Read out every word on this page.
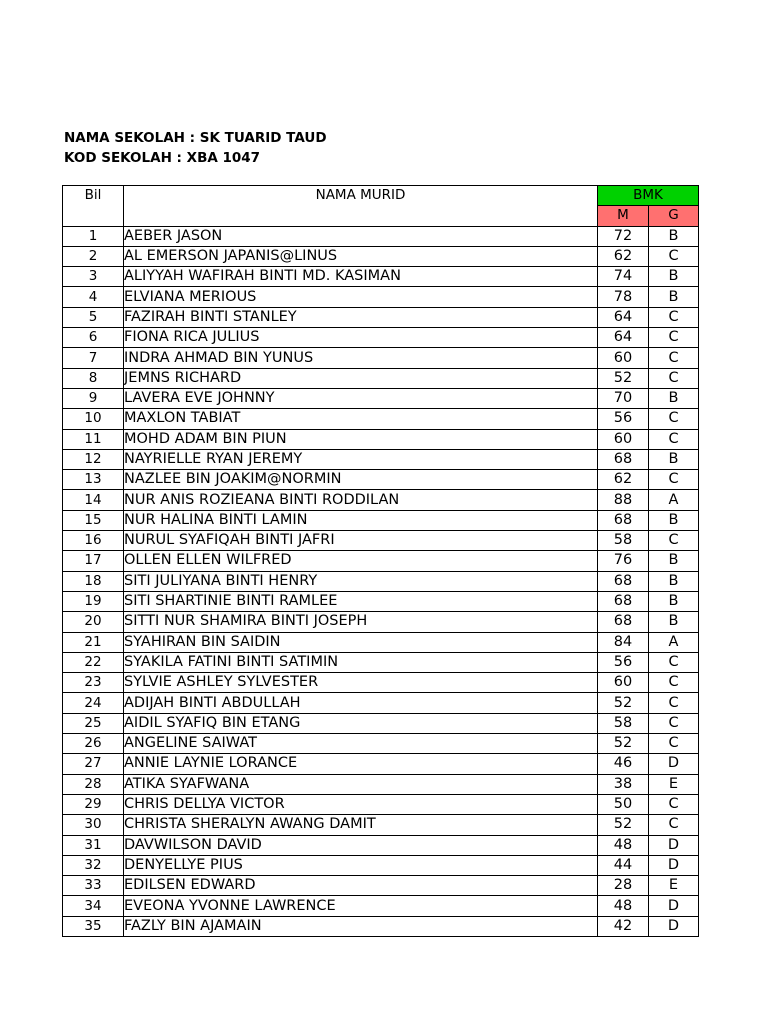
NAMA SEKOLAH : SK TUARID TAUD
KOD SEKOLAH : XBA 1047
Bil	NAMA MURID	BMK	
		M	G
1	AEBER JASON	72	B
2	AL EMERSON JAPANIS@LINUS	62	C
3	ALIYYAH WAFIRAH BINTI MD. KASIMAN	74	B
4	ELVIANA MERIOUS	78	B
5	FAZIRAH BINTI STANLEY	64	C
6	FIONA RICA JULIUS	64	C
7	INDRA AHMAD BIN YUNUS	60	C
8	JEMNS RICHARD	52	C
9	LAVERA EVE JOHNNY	70	B
10	MAXLON TABIAT	56	C
11	MOHD ADAM BIN PIUN	60	C
12	NAYRIELLE RYAN JEREMY	68	B
13	NAZLEE BIN JOAKIM@NORMIN	62	C
14	NUR ANIS ROZIEANA BINTI RODDILAN	88	A
15	NUR HALINA BINTI LAMIN	68	B
16	NURUL SYAFIQAH BINTI JAFRI	58	C
17	OLLEN ELLEN WILFRED	76	B
18	SITI JULIYANA BINTI HENRY	68	B
19	SITI SHARTINIE BINTI RAMLEE	68	B
20	SITTI NUR SHAMIRA BINTI JOSEPH	68	B
21	SYAHIRAN BIN SAIDIN	84	A
22	SYAKILA FATINI BINTI SATIMIN	56	C
23	SYLVIE ASHLEY SYLVESTER	60	C
24	ADIJAH BINTI ABDULLAH	52	C
25	AIDIL SYAFIQ BIN ETANG	58	C
26	ANGELINE SAIWAT	52	C
27	ANNIE LAYNIE LORANCE	46	D
28	ATIKA SYAFWANA	38	E
29	CHRIS DELLYA VICTOR	50	C
30	CHRISTA SHERALYN AWANG DAMIT	52	C
31	DAVWILSON DAVID	48	D
32	DENYELLYE PIUS	44	D
33	EDILSEN EDWARD	28	E
34	EVEONA YVONNE LAWRENCE	48	D
35	FAZLY BIN AJAMAIN	42	D
